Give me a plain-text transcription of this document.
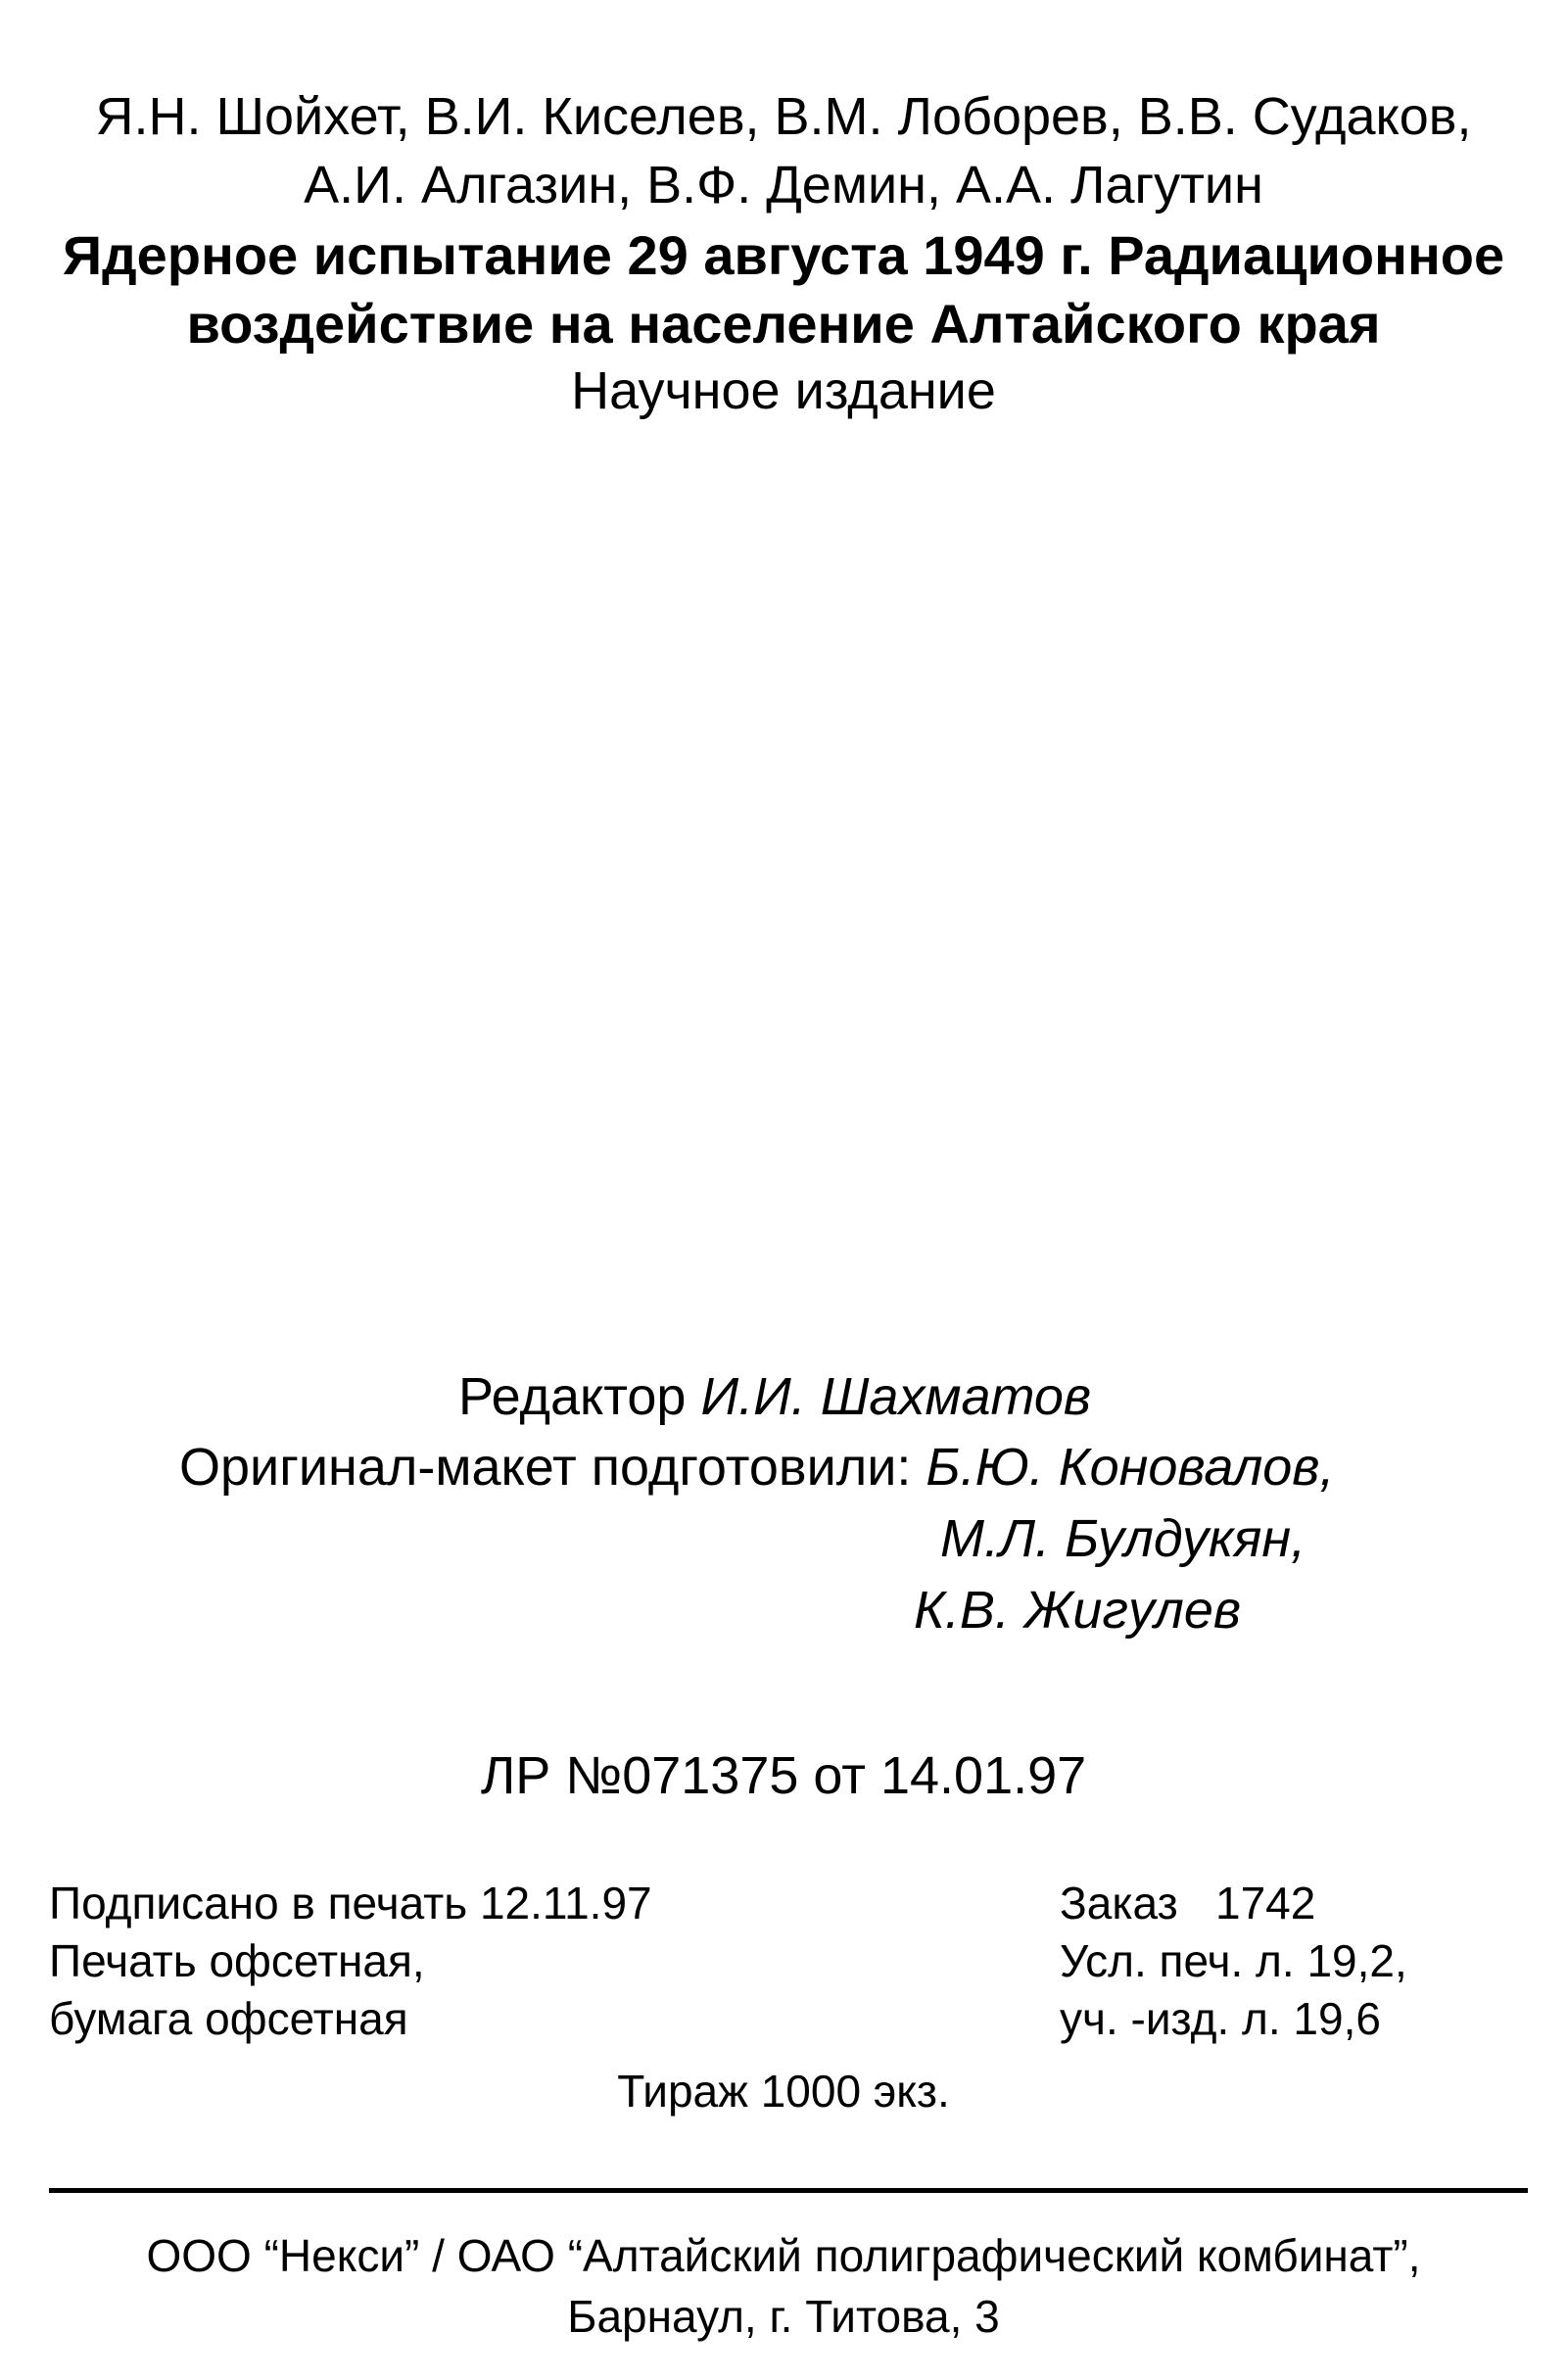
Я.Н. Шойхет, В.И. Киселев, В.М. Лоборев, В.В. Судаков,
А.И. Алгазин, В.Ф. Демин, А.А. Лагутин
Ядерное испытание 29 августа 1949 г. Радиационное
воздействие на население Алтайского края
Научное издание
Редактор И.И. Шахматов
Оригинал-макет подготовили: Б.Ю. Коновалов,
М.Л. Булдукян,
К.В. Жигулев
ЛР №071375 от 14.01.97
Подписано в печать 12.11.97
Печать офсетная,
бумага офсетная
Заказ   1742
Усл. печ. л. 19,2,
уч. -изд. л. 19,6
Тираж 1000 экз.
ООО “Некси” / ОАО “Алтайский полиграфический комбинат”,
Барнаул, г. Титова, 3
